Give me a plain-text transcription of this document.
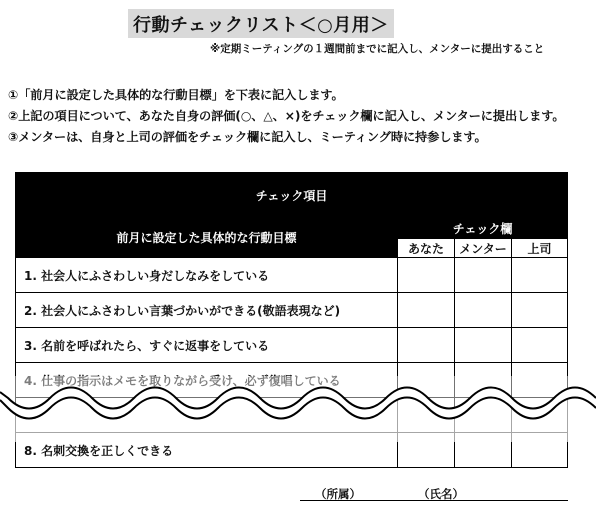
行動チェックリスト＜○月用＞
※定期ミーティングの１週間前までに記入し、メンターに提出すること
①「前月に設定した具体的な行動目標」を下表に記入します。
②上記の項目について、あなた自身の評価(○、△、×)をチェック欄に記入し、メンターに提出します。
③メンターは、自身と上司の評価をチェック欄に記入し、ミーティング時に持参します。
チェック項目			
前月に設定した具体的な行動目標	チェック欄		
	あなた	メンター	上司
1. 社会人にふさわしい身だしなみをしている			
2. 社会人にふさわしい言葉づかいができる(敬語表現など)			
3. 名前を呼ばれたら、すぐに返事をしている			
4. 仕事の指示はメモを取りながら受け、必ず復唱している			

8. 名刺交換を正しくできる			
（所属）	（氏名）
